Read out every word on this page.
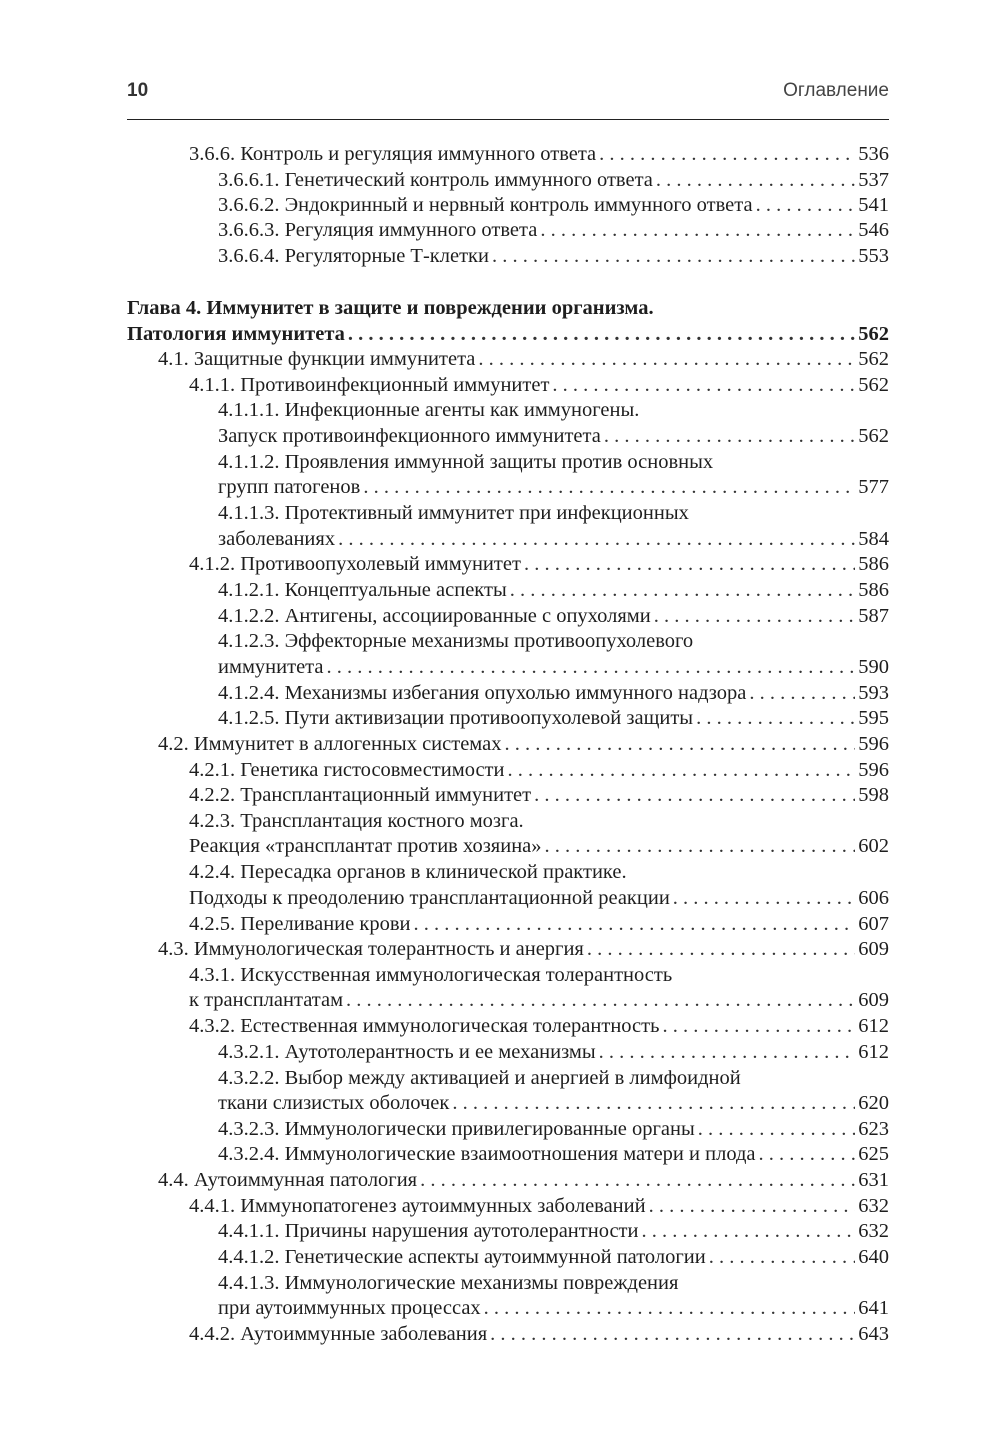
10	Оглавление
3.6.6. Контроль и регуляция иммунного ответа . . .	536
3.6.6.1. Генетический контроль иммунного ответа . . .	537
3.6.6.2. Эндокринный и нервный контроль иммунного ответа . . .	541
3.6.6.3. Регуляция иммунного ответа . . .	546
3.6.6.4. Регуляторные Т-клетки . . .	553
Глава 4. Иммунитет в защите и повреждении организма.
Патология иммунитета . . .	562
4.1. Защитные функции иммунитета . . .	562
4.1.1. Противоинфекционный иммунитет . . .	562
4.1.1.1. Инфекционные агенты как иммуногены.
Запуск противоинфекционного иммунитета . . .	562
4.1.1.2. Проявления иммунной защиты против основных
групп патогенов . . .	577
4.1.1.3. Протективный иммунитет при инфекционных
заболеваниях . . .	584
4.1.2. Противоопухолевый иммунитет . . .	586
4.1.2.1. Концептуальные аспекты . . .	586
4.1.2.2. Антигены, ассоциированные с опухолями . . .	587
4.1.2.3. Эффекторные механизмы противоопухолевого
иммунитета . . .	590
4.1.2.4. Механизмы избегания опухолью иммунного надзора . . .	593
4.1.2.5. Пути активизации противоопухолевой защиты . . .	595
4.2. Иммунитет в аллогенных системах . . .	596
4.2.1. Генетика гистосовместимости . . .	596
4.2.2. Трансплантационный иммунитет . . .	598
4.2.3. Трансплантация костного мозга.
Реакция «трансплантат против хозяина» . . .	602
4.2.4. Пересадка органов в клинической практике.
Подходы к преодолению трансплантационной реакции . . .	606
4.2.5. Переливание крови . . .	607
4.3. Иммунологическая толерантность и анергия . . .	609
4.3.1. Искусственная иммунологическая толерантность
к трансплантатам . . .	609
4.3.2. Естественная иммунологическая толерантность . . .	612
4.3.2.1. Аутотолерантность и ее механизмы . . .	612
4.3.2.2. Выбор между активацией и анергией в лимфоидной
ткани слизистых оболочек . . .	620
4.3.2.3. Иммунологически привилегированные органы . . .	623
4.3.2.4. Иммунологические взаимоотношения матери и плода . . .	625
4.4. Аутоиммунная патология . . .	631
4.4.1. Иммунопатогенез аутоиммунных заболеваний . . .	632
4.4.1.1. Причины нарушения аутотолерантности . . .	632
4.4.1.2. Генетические аспекты аутоиммунной патологии . . .	640
4.4.1.3. Иммунологические механизмы повреждения
при аутоиммунных процессах . . .	641
4.4.2. Аутоиммунные заболевания . . .	643
